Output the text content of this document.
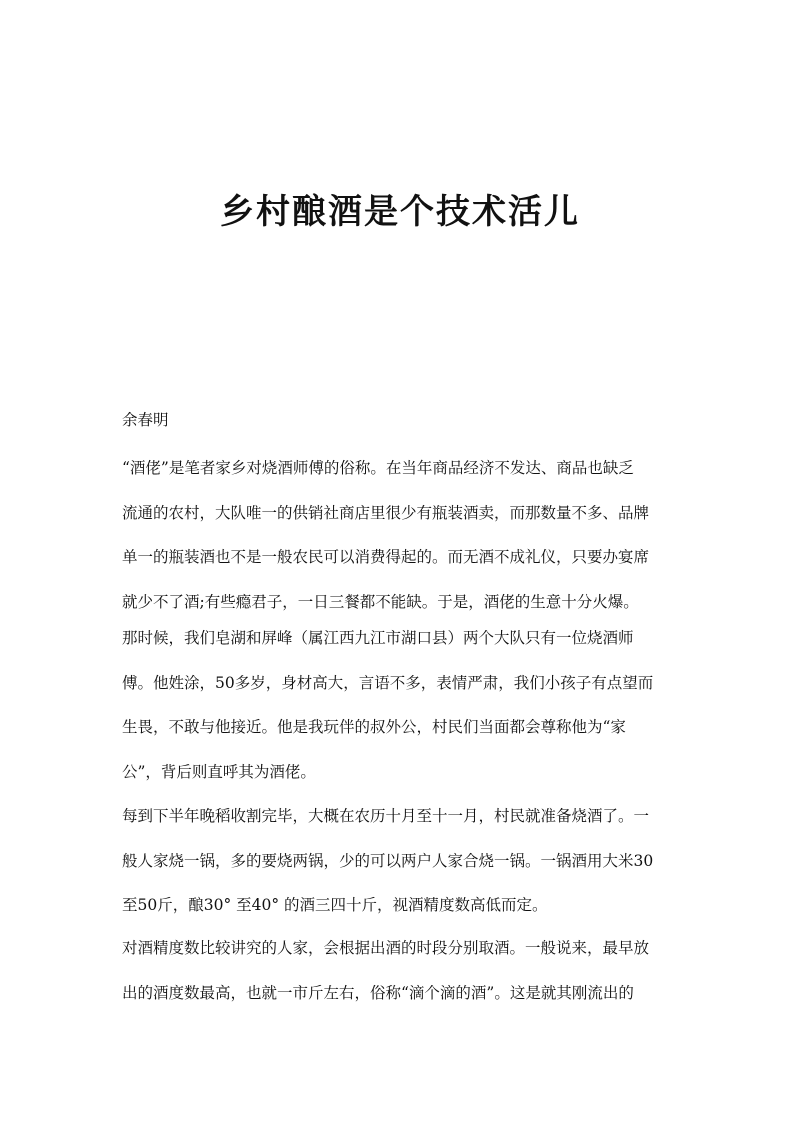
乡村酿酒是个技术活儿

余春明

“酒佬”是笔者家乡对烧酒师傅的俗称。在当年商品经济不发达、商品也缺乏
流通的农村，大队唯一的供销社商店里很少有瓶装酒卖，而那数量不多、品牌
单一的瓶装酒也不是一般农民可以消费得起的。而无酒不成礼仪，只要办宴席
就少不了酒;有些瘾君子，一日三餐都不能缺。于是，酒佬的生意十分火爆。
那时候，我们皂湖和屏峰（属江西九江市湖口县）两个大队只有一位烧酒师
傅。他姓涂，50多岁，身材高大，言语不多，表情严肃，我们小孩子有点望而
生畏，不敢与他接近。他是我玩伴的叔外公，村民们当面都会尊称他为“家
公”，背后则直呼其为酒佬。
每到下半年晚稻收割完毕，大概在农历十月至十一月，村民就准备烧酒了。一
般人家烧一锅，多的要烧两锅，少的可以两户人家合烧一锅。一锅酒用大米30
至50斤，酿30° 至40° 的酒三四十斤，视酒精度数高低而定。
对酒精度数比较讲究的人家，会根据出酒的时段分别取酒。一般说来，最早放
出的酒度数最高，也就一市斤左右，俗称“滴个滴的酒”。这是就其刚流出的
